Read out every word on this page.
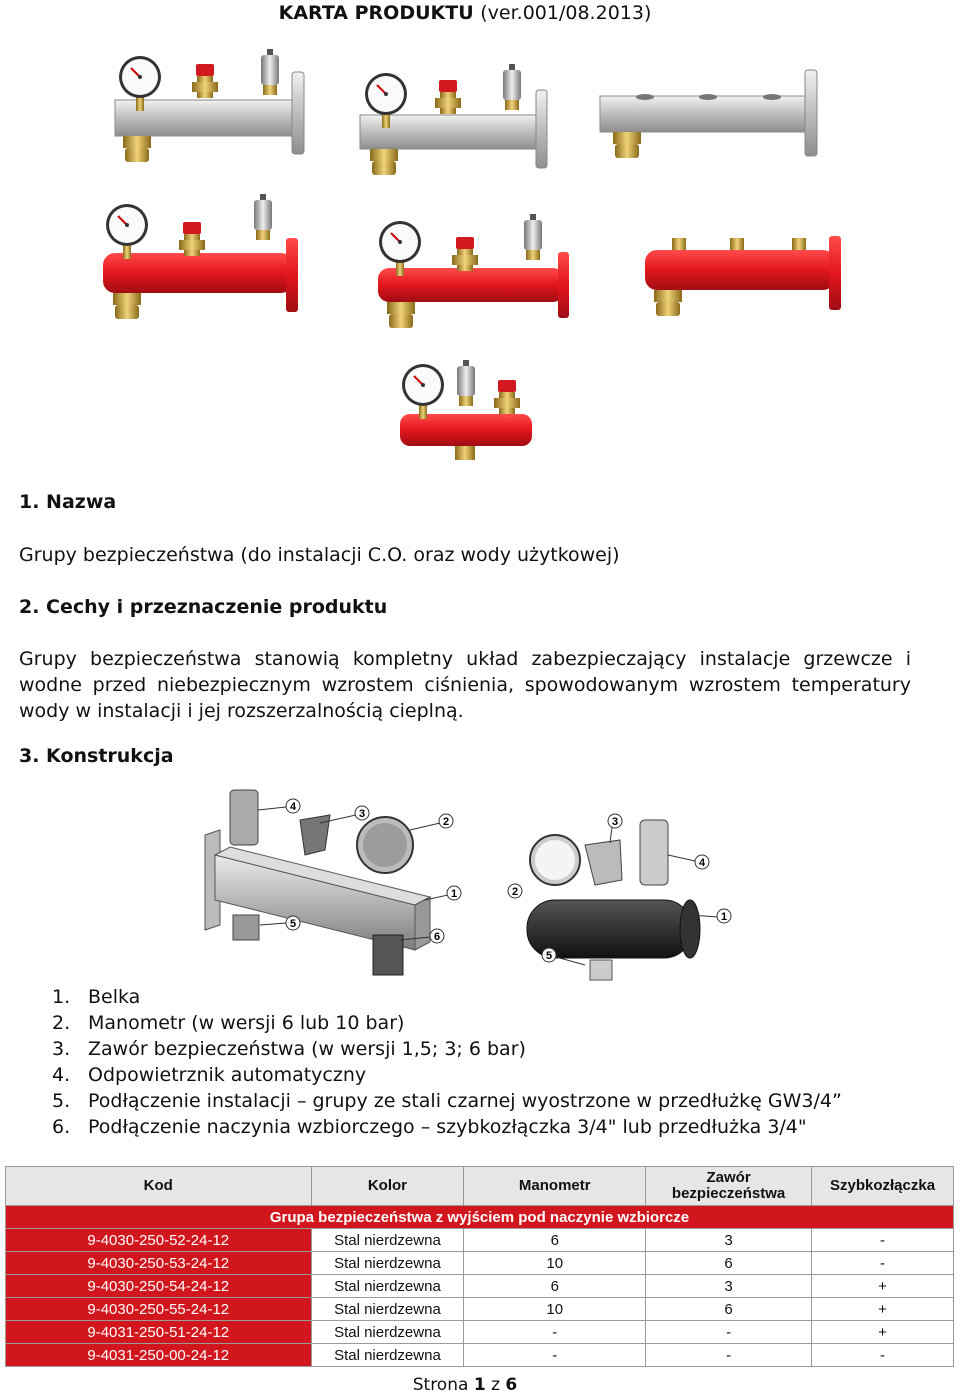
KARTA PRODUKTU (ver.001/08.2013)
1. Nazwa
Grupy bezpieczeństwa (do instalacji C.O. oraz wody użytkowej)
2. Cechy i przeznaczenie produktu
Grupy bezpieczeństwa stanowią kompletny układ zabezpieczający instalacje grzewcze i wodne przed niebezpiecznym wzrostem ciśnienia, spowodowanym wzrostem temperatury wody w instalacji i jej rozszerzalnością cieplną.
3. Konstrukcja
4
3
2
1
5
6
2
3
4
1
5
1. Belka
2. Manometr (w wersji 6 lub 10 bar)
3. Zawór bezpieczeństwa (w wersji 1,5; 3; 6 bar)
4. Odpowietrznik automatyczny
5. Podłączenie instalacji – grupy ze stali czarnej wyostrzone w przedłużkę GW3/4”
6. Podłączenie naczynia wzbiorczego – szybkozłączka 3/4" lub przedłużka 3/4"
Kod	Kolor	Manometr	Zawór
bezpieczeństwa	Szybkozłączka
Grupa bezpieczeństwa z wyjściem pod naczynie wzbiorcze				
9-4030-250-52-24-12	Stal nierdzewna	6	3	-
9-4030-250-53-24-12	Stal nierdzewna	10	6	-
9-4030-250-54-24-12	Stal nierdzewna	6	3	+
9-4030-250-55-24-12	Stal nierdzewna	10	6	+
9-4031-250-51-24-12	Stal nierdzewna	-	-	+
9-4031-250-00-24-12	Stal nierdzewna	-	-	-
Strona 1 z 6
